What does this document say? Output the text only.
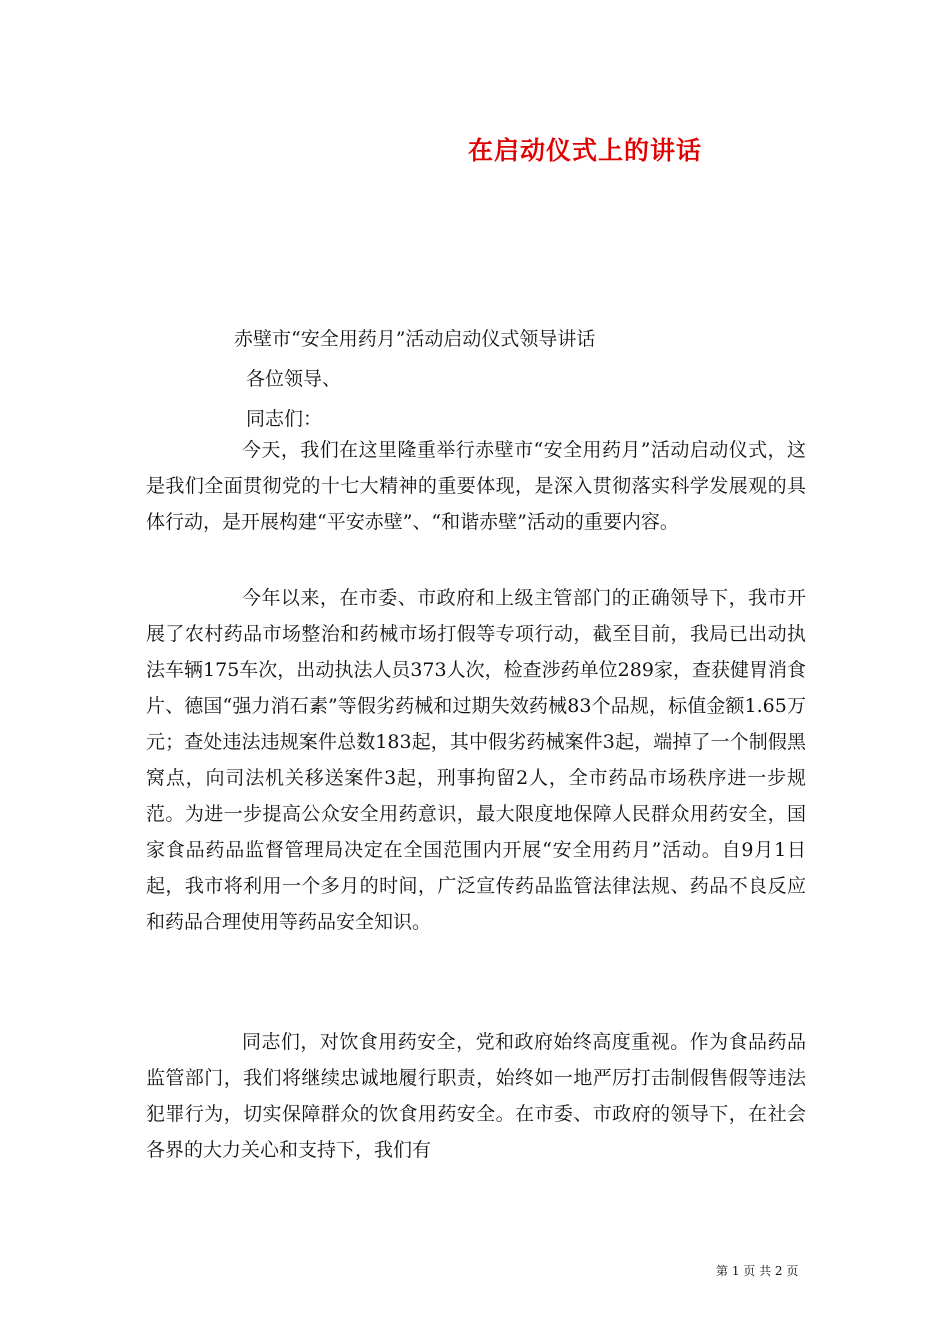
在启动仪式上的讲话
赤壁市“安全用药月”活动启动仪式领导讲话
各位领导、
同志们：

今天，我们在这里隆重举行赤壁市“安全用药月”活动启动仪式，这是我们全面贯彻党的十七大精神的重要体现，是深入贯彻落实科学发展观的具体行动，是开展构建“平安赤壁”、“和谐赤壁”活动的重要内容。

今年以来，在市委、市政府和上级主管部门的正确领导下，我市开展了农村药品市场整治和药械市场打假等专项行动，截至目前，我局已出动执法车辆175车次，出动执法人员373人次，检查涉药单位289家，查获健胃消食片、德国“强力消石素”等假劣药械和过期失效药械83个品规，标值金额1.65万元；查处违法违规案件总数183起，其中假劣药械案件3起，端掉了一个制假黑窝点，向司法机关移送案件3起，刑事拘留2人，全市药品市场秩序进一步规范。为进一步提高公众安全用药意识，最大限度地保障人民群众用药安全，国家食品药品监督管理局决定在全国范围内开展“安全用药月”活动。自9月1日起，我市将利用一个多月的时间，广泛宣传药品监管法律法规、药品不良反应和药品合理使用等药品安全知识。

同志们，对饮食用药安全，党和政府始终高度重视。作为食品药品监管部门，我们将继续忠诚地履行职责，始终如一地严厉打击制假售假等违法犯罪行为，切实保障群众的饮食用药安全。在市委、市政府的领导下，在社会各界的大力关心和支持下，我们有

第 1 页 共 2 页
